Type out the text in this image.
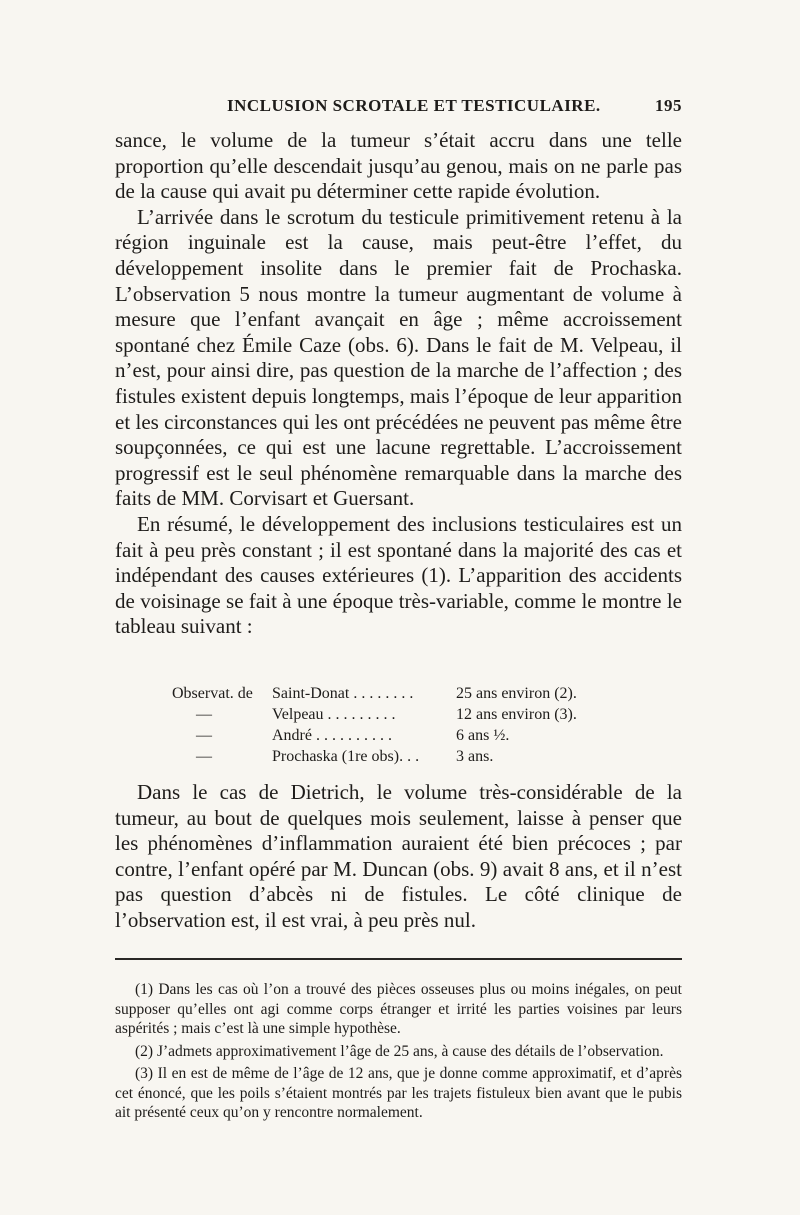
INCLUSION SCROTALE ET TESTICULAIRE.	195

sance, le volume de la tumeur s’était accru dans une telle proportion qu’elle descendait jusqu’au genou, mais on ne parle pas de la cause qui avait pu déterminer cette rapide évolution.

L’arrivée dans le scrotum du testicule primitivement retenu à la région inguinale est la cause, mais peut-être l’effet, du développement insolite dans le premier fait de Prochaska. L’observation 5 nous montre la tumeur augmentant de volume à mesure que l’enfant avançait en âge ; même accroissement spontané chez Émile Caze (obs. 6). Dans le fait de M. Velpeau, il n’est, pour ainsi dire, pas question de la marche de l’affection ; des fistules existent depuis longtemps, mais l’époque de leur apparition et les circonstances qui les ont précédées ne peuvent pas même être soupçonnées, ce qui est une lacune regrettable. L’accroissement progressif est le seul phénomène remarquable dans la marche des faits de MM. Corvisart et Guersant.

En résumé, le développement des inclusions testiculaires est un fait à peu près constant ; il est spontané dans la majorité des cas et indépendant des causes extérieures (1). L’apparition des accidents de voisinage se fait à une époque très-variable, comme le montre le tableau suivant :

Observat. de	Saint-Donat . . . . . . . .	25 ans environ (2).
—	Velpeau . . . . . . . . .	12 ans environ (3).
—	André . . . . . . . . . .	6 ans ½.
—	Prochaska (1re obs). . .	3 ans.

Dans le cas de Dietrich, le volume très-considérable de la tumeur, au bout de quelques mois seulement, laisse à penser que les phénomènes d’inflammation auraient été bien précoces ; par contre, l’enfant opéré par M. Duncan (obs. 9) avait 8 ans, et il n’est pas question d’abcès ni de fistules. Le côté clinique de l’observation est, il est vrai, à peu près nul.

(1) Dans les cas où l’on a trouvé des pièces osseuses plus ou moins inégales, on peut supposer qu’elles ont agi comme corps étranger et irrité les parties voisines par leurs aspérités ; mais c’est là une simple hypothèse.

(2) J’admets approximativement l’âge de 25 ans, à cause des détails de l’observation.

(3) Il en est de même de l’âge de 12 ans, que je donne comme approximatif, et d’après cet énoncé, que les poils s’étaient montrés par les trajets fistuleux bien avant que le pubis ait présenté ceux qu’on y rencontre normalement.
